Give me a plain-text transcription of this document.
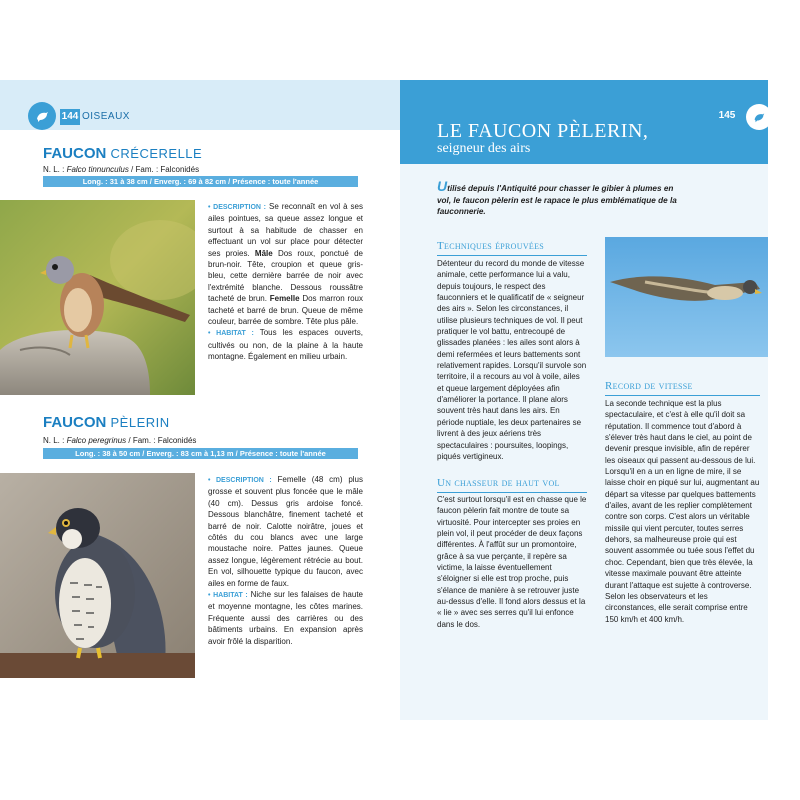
144 OISEAUX
FAUCON CRÉCERELLE
N. L. : Falco tinnunculus / Fam. : Falconidés
Long. : 31 à 38 cm / Enverg. : 69 à 82 cm / Présence : toute l'année

• DESCRIPTION : Se reconnaît en vol à ses ailes pointues, sa queue assez longue et surtout à sa habitude de chasser en effectuant un vol sur place pour détecter ses proies. Mâle Dos roux, ponctué de brun-noir. Tête, croupion et queue gris-bleu, cette dernière barrée de noir avec l'extrémité blanche. Dessous roussâtre tacheté de brun. Femelle Dos marron roux tacheté et barré de brun. Queue de même couleur, barrée de sombre. Tête plus pâle.

• HABITAT : Tous les espaces ouverts, cultivés ou non, de la plaine à la haute montagne. Également en milieu urbain.

FAUCON PÈLERIN
N. L. : Falco peregrinus / Fam. : Falconidés
Long. : 38 à 50 cm / Enverg. : 83 cm à 1,13 m / Présence : toute l'année

• DESCRIPTION : Femelle (48 cm) plus grosse et souvent plus foncée que le mâle (40 cm). Dessus gris ardoise foncé. Dessous blanchâtre, finement tacheté et barré de noir. Calotte noirâtre, joues et côtés du cou blancs avec une large moustache noire. Pattes jaunes. Queue assez longue, légèrement rétrécie au bout. En vol, silhouette typique du faucon, avec ailes en forme de faux.

• HABITAT : Niche sur les falaises de haute et moyenne montagne, les côtes marines. Fréquente aussi des carrières ou des bâtiments urbains. En expansion après avoir frôlé la disparition.

LE FAUCON PÈLERIN,
seigneur des airs
145
Utilisé depuis l'Antiquité pour chasser le gibier à plumes en vol, le faucon pèlerin est le rapace le plus emblématique de la fauconnerie.
Techniques éprouvées

Détenteur du record du monde de vitesse animale, cette performance lui a valu, depuis toujours, le respect des fauconniers et le qualificatif de « seigneur des airs ». Selon les circonstances, il utilise plusieurs techniques de vol. Il peut pratiquer le vol battu, entrecoupé de glissades planées : les ailes sont alors à demi refermées et leurs battements sont relativement rapides. Lorsqu'il survole son territoire, il a recours au vol à voile, ailes et queue largement déployées afin d'améliorer la portance. Il plane alors souvent très haut dans les airs. En période nuptiale, les deux partenaires se livrent à des jeux aériens très spectaculaires : poursuites, loopings, piqués vertigineux.

Un chasseur de haut vol

C'est surtout lorsqu'il est en chasse que le faucon pèlerin fait montre de toute sa virtuosité. Pour intercepter ses proies en plein vol, il peut procéder de deux façons différentes. À l'affût sur un promontoire, grâce à sa vue perçante, il repère sa victime, la laisse éventuellement s'éloigner si elle est trop proche, puis s'élance de manière à se retrouver juste au-dessus d'elle. Il fond alors dessus et la « lie » avec ses serres qu'il lui enfonce dans le dos.

Record de vitesse

La seconde technique est la plus spectaculaire, et c'est à elle qu'il doit sa réputation. Il commence tout d'abord à s'élever très haut dans le ciel, au point de devenir presque invisible, afin de repérer les oiseaux qui passent au-dessous de lui. Lorsqu'il en a un en ligne de mire, il se laisse choir en piqué sur lui, augmentant au départ sa vitesse par quelques battements d'ailes, avant de les replier complètement contre son corps. C'est alors un véritable missile qui vient percuter, toutes serres dehors, sa malheureuse proie qui est souvent assommée ou tuée sous l'effet du choc. Cependant, bien que très élevée, la vitesse maximale pouvant être atteinte durant l'attaque est sujette à controverse. Selon les observateurs et les circonstances, elle serait comprise entre 150 km/h et 400 km/h.
